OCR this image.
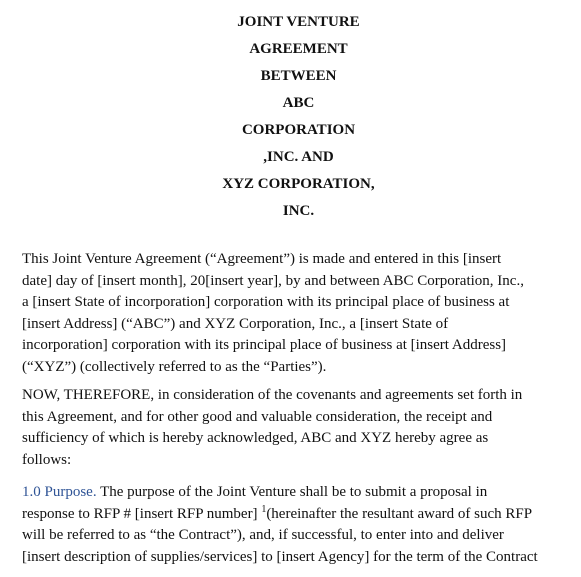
JOINT VENTURE
AGREEMENT
BETWEEN
ABC
CORPORATION
,INC. AND
XYZ CORPORATION,
INC.
This Joint Venture Agreement (“Agreement”) is made and entered in this [insert
date] day of [insert month], 20[insert year], by and between ABC Corporation, Inc.,
a [insert State of incorporation] corporation with its principal place of business at
[insert Address] (“ABC”) and XYZ Corporation, Inc., a [insert State of
incorporation] corporation with its principal place of business at [insert Address]
(“XYZ”) (collectively referred to as the “Parties”).
NOW, THEREFORE, in consideration of the covenants and agreements set forth in
this Agreement, and for other good and valuable consideration, the receipt and
sufficiency of which is hereby acknowledged, ABC and XYZ hereby agree as
follows:
1.0 Purpose. The purpose of the Joint Venture shall be to submit a proposal in
response to RFP # [insert RFP number] $^1$(hereinafter the resultant award of such RFP
will be referred to as “the Contract”), and, if successful, to enter into and deliver
[insert description of supplies/services] to [insert Agency] for the term of the Contract
